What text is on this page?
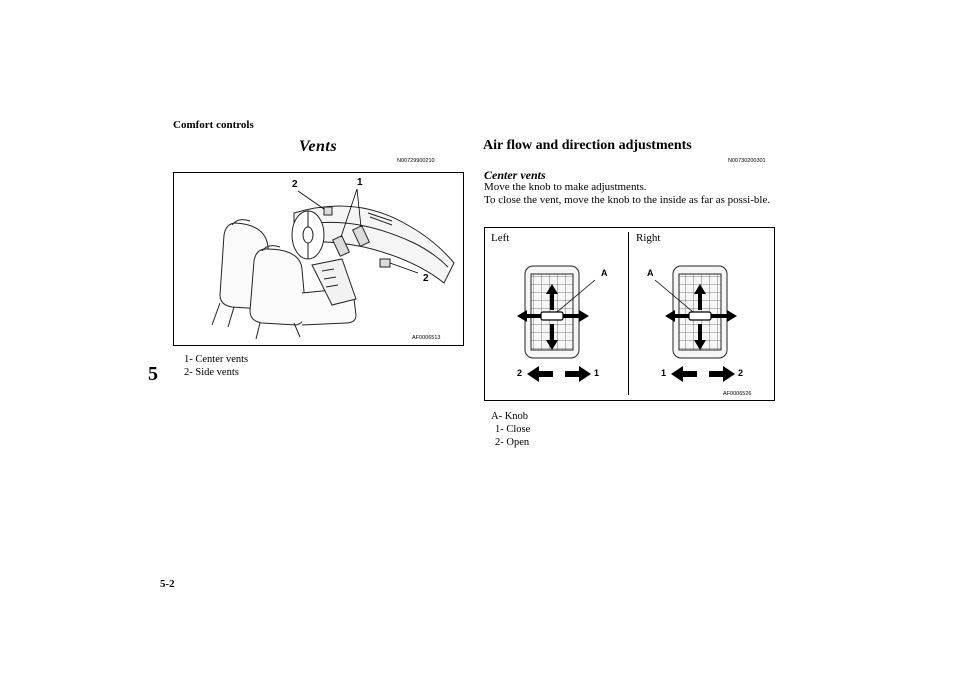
Comfort controls
5
Vents
N00729900210
2	1
2
AF0006513
1- Center vents
2- Side vents
5-2
Air flow and direction adjustments
N00730200301
Center vents
Move the knob to make adjustments.
To close the vent, move the knob to the inside as far as possi-ble.
Left	Right
A	A
2	1	1	2
AF0006526
A- Knob
1- Close
2- Open
